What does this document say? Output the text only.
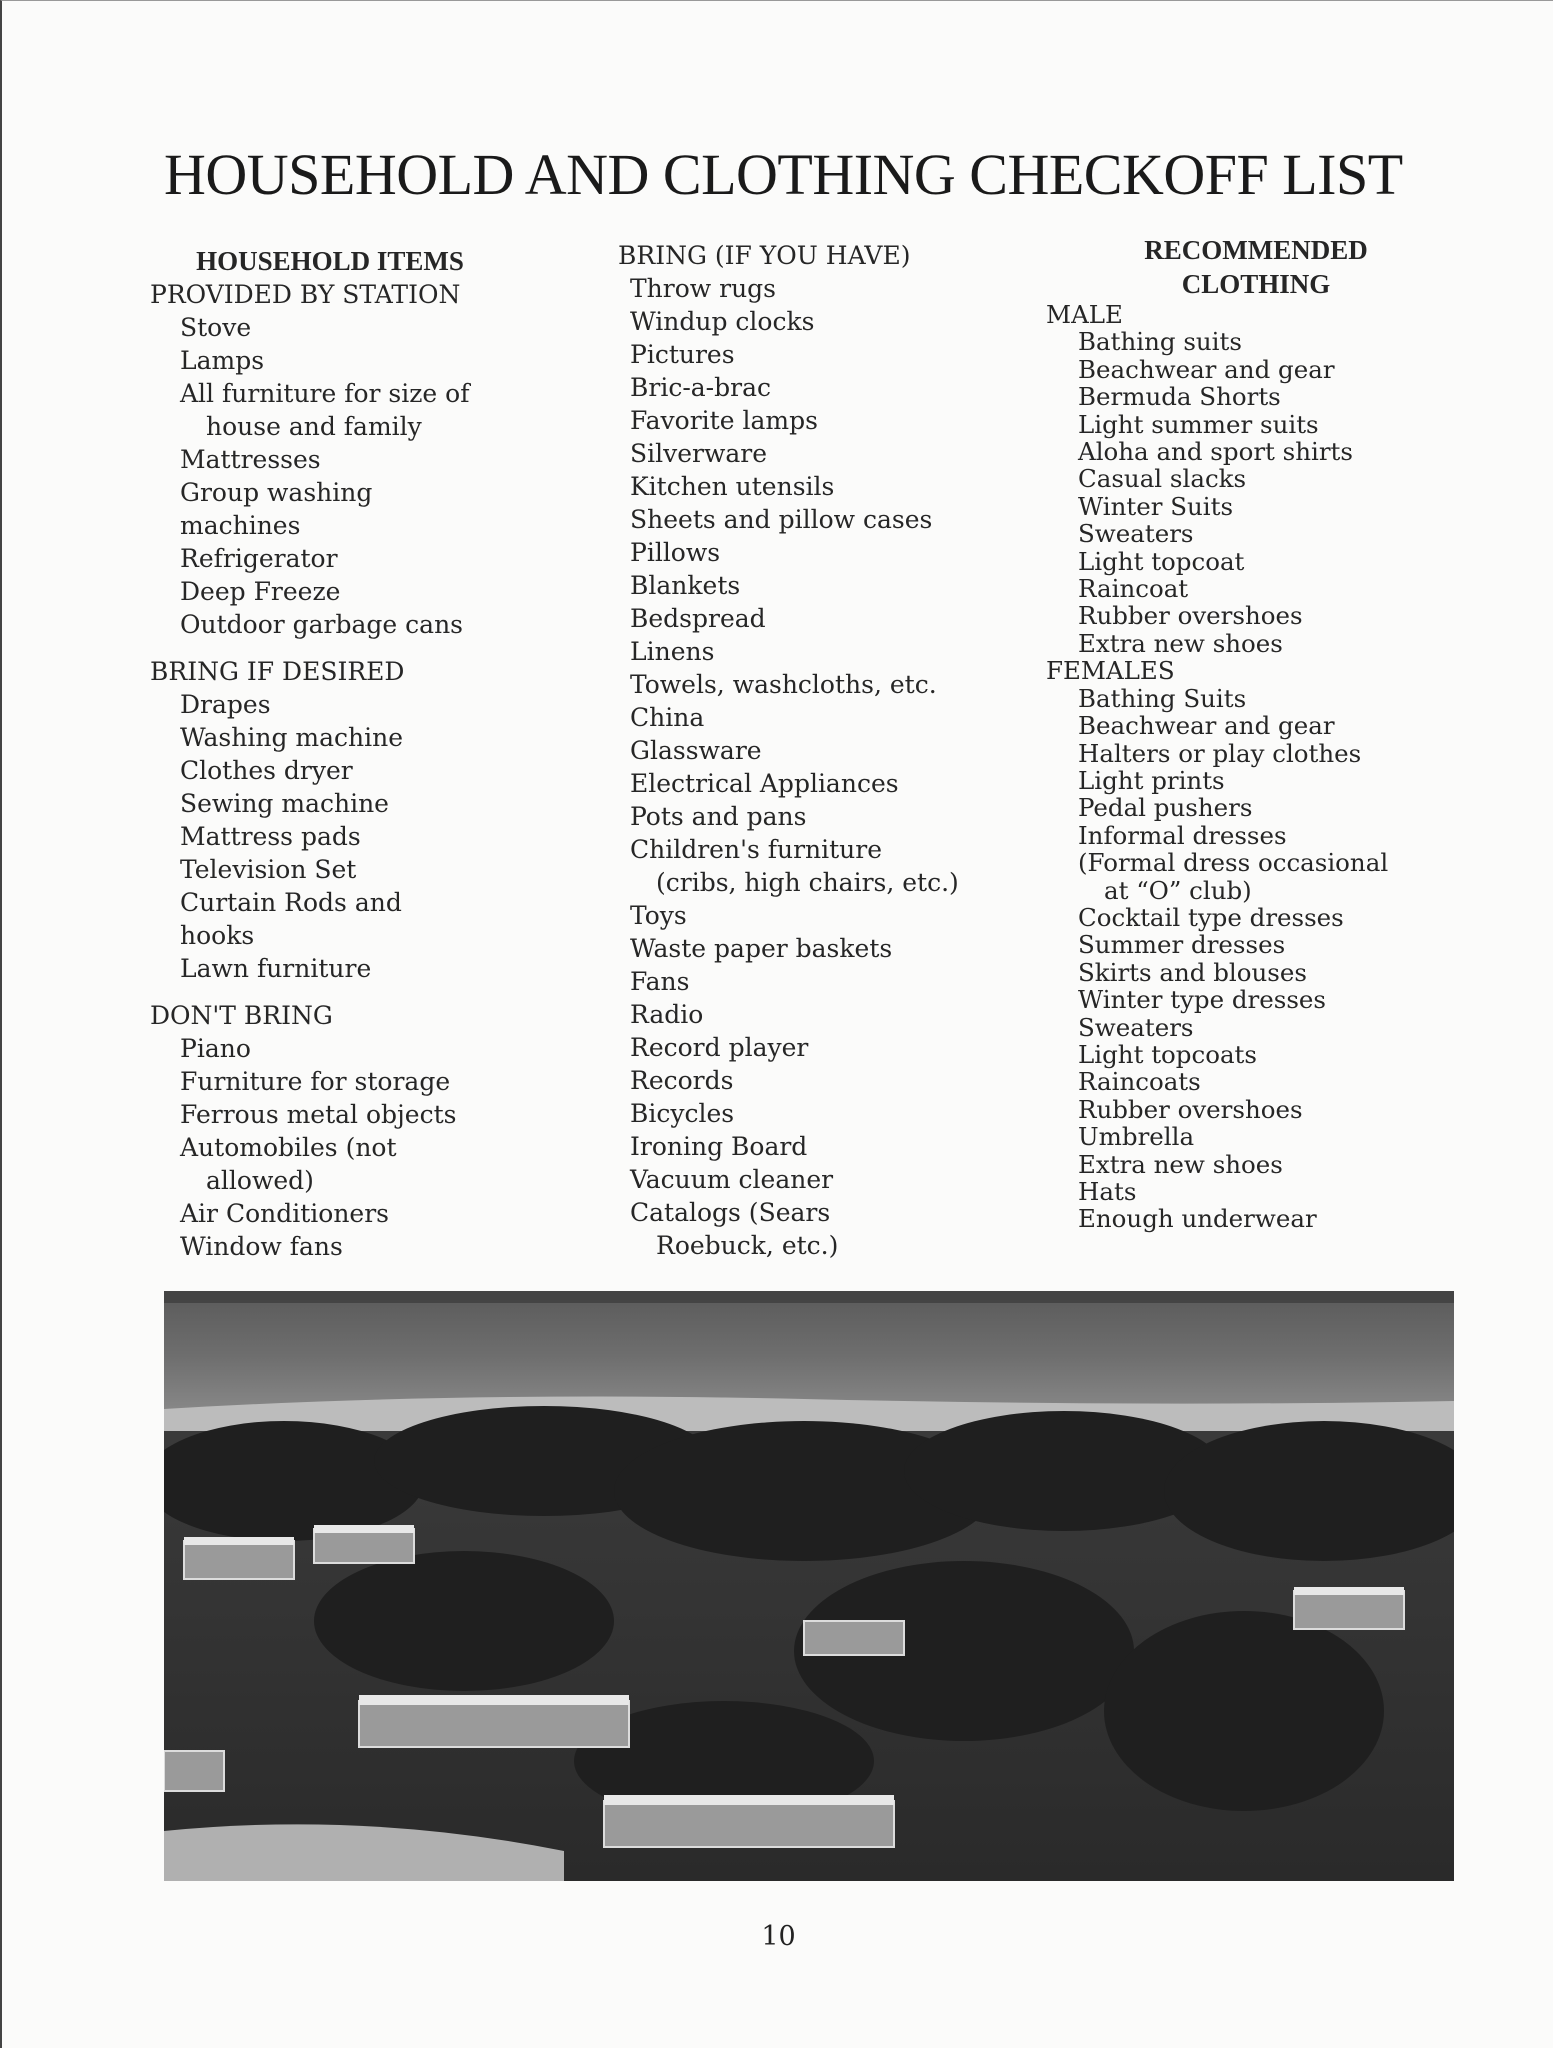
HOUSEHOLD AND CLOTHING CHECKOFF LIST
HOUSEHOLD ITEMS
PROVIDED BY STATION
Stove
Lamps
All furniture for size of
house and family
Mattresses
Group washing
machines
Refrigerator
Deep Freeze
Outdoor garbage cans
BRING IF DESIRED
Drapes
Washing machine
Clothes dryer
Sewing machine
Mattress pads
Television Set
Curtain Rods and
hooks
Lawn furniture
DON'T BRING
Piano
Furniture for storage
Ferrous metal objects
Automobiles (not
allowed)
Air Conditioners
Window fans
BRING (IF YOU HAVE)
Throw rugs
Windup clocks
Pictures
Bric-a-brac
Favorite lamps
Silverware
Kitchen utensils
Sheets and pillow cases
Pillows
Blankets
Bedspread
Linens
Towels, washcloths, etc.
China
Glassware
Electrical Appliances
Pots and pans
Children's furniture
(cribs, high chairs, etc.)
Toys
Waste paper baskets
Fans
Radio
Record player
Records
Bicycles
Ironing Board
Vacuum cleaner
Catalogs (Sears
Roebuck, etc.)
RECOMMENDED
CLOTHING
MALE
Bathing suits
Beachwear and gear
Bermuda Shorts
Light summer suits
Aloha and sport shirts
Casual slacks
Winter Suits
Sweaters
Light topcoat
Raincoat
Rubber overshoes
Extra new shoes
FEMALES
Bathing Suits
Beachwear and gear
Halters or play clothes
Light prints
Pedal pushers
Informal dresses
(Formal dress occasional
at “O” club)
Cocktail type dresses
Summer dresses
Skirts and blouses
Winter type dresses
Sweaters
Light topcoats
Raincoats
Rubber overshoes
Umbrella
Extra new shoes
Hats
Enough underwear
10
